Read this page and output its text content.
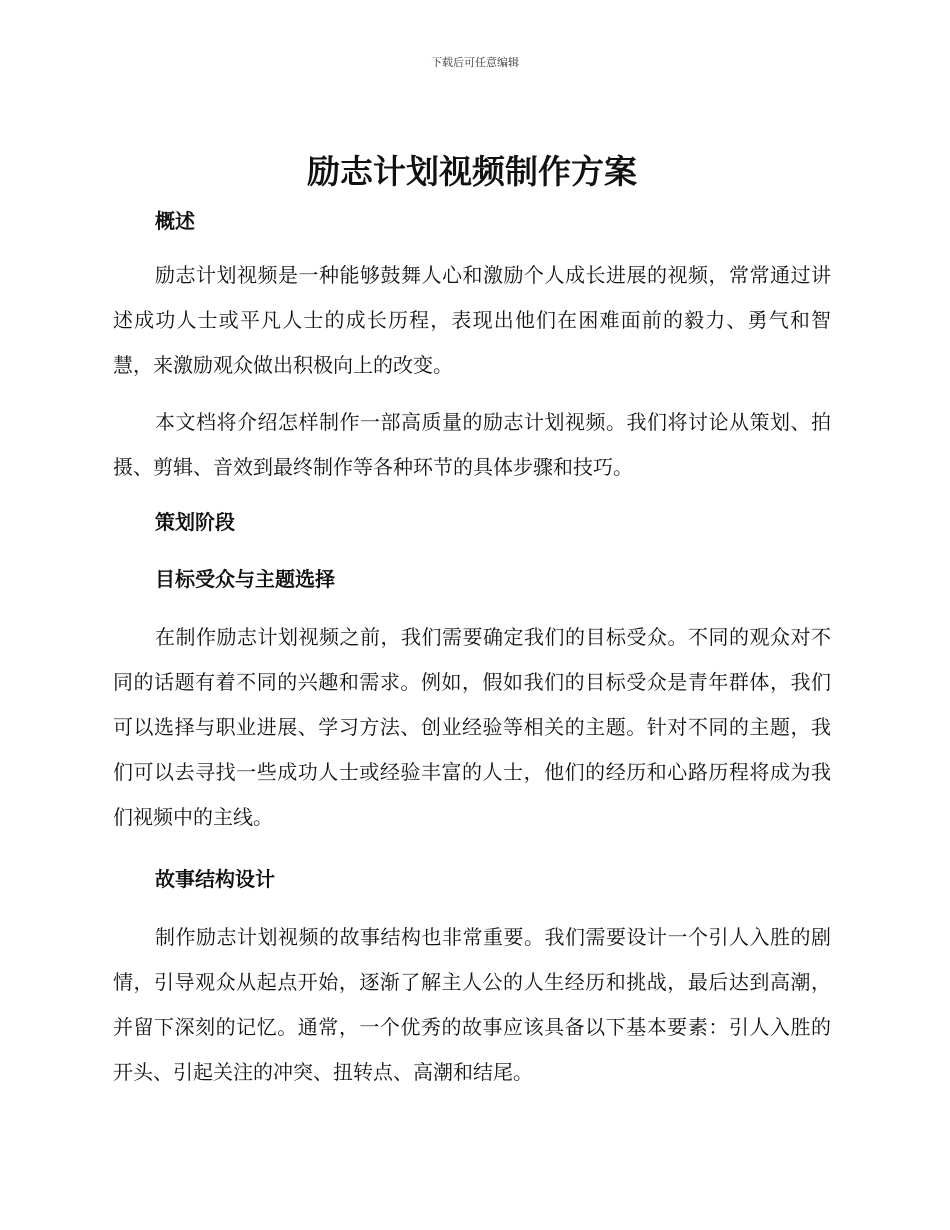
下载后可任意编辑
励志计划视频制作方案
概述

励志计划视频是一种能够鼓舞人心和激励个人成长进展的视频，常常通过讲述成功人士或平凡人士的成长历程，表现出他们在困难面前的毅力、勇气和智慧，来激励观众做出积极向上的改变。

本文档将介绍怎样制作一部高质量的励志计划视频。我们将讨论从策划、拍摄、剪辑、音效到最终制作等各种环节的具体步骤和技巧。

策划阶段
目标受众与主题选择

在制作励志计划视频之前，我们需要确定我们的目标受众。不同的观众对不同的话题有着不同的兴趣和需求。例如，假如我们的目标受众是青年群体，我们可以选择与职业进展、学习方法、创业经验等相关的主题。针对不同的主题，我们可以去寻找一些成功人士或经验丰富的人士，他们的经历和心路历程将成为我们视频中的主线。

故事结构设计

制作励志计划视频的故事结构也非常重要。我们需要设计一个引人入胜的剧情，引导观众从起点开始，逐渐了解主人公的人生经历和挑战，最后达到高潮，并留下深刻的记忆。通常，一个优秀的故事应该具备以下基本要素：引人入胜的开头、引起关注的冲突、扭转点、高潮和结尾。
